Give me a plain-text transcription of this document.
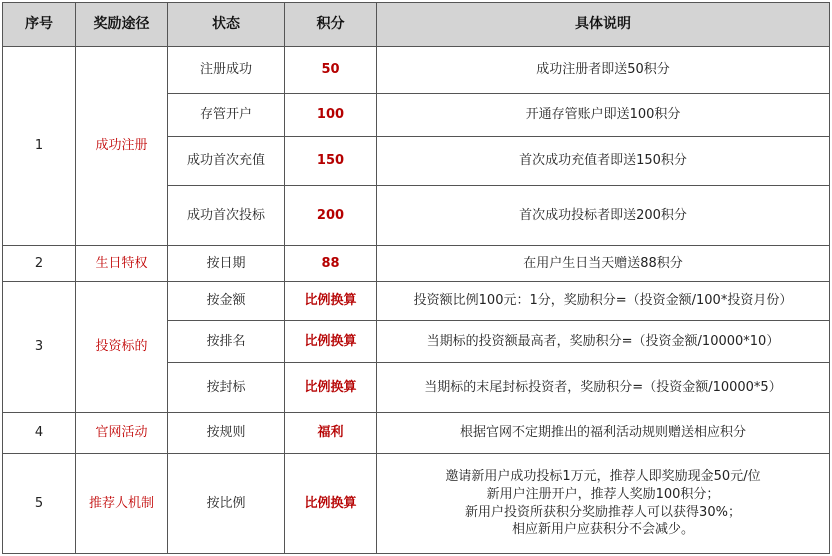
序号	奖励途径	状态	积分	具体说明
1	成功注册	注册成功	50	成功注册者即送50积分
		存管开户	100	开通存管账户即送100积分
		成功首次充值	150	首次成功充值者即送150积分
		成功首次投标	200	首次成功投标者即送200积分
2	生日特权	按日期	88	在用户生日当天赠送88积分
3	投资标的	按金额	比例换算	投资额比例100元：1分，奖励积分=（投资金额/100*投资月份）
		按排名	比例换算	当期标的投资额最高者，奖励积分=（投资金额/10000*10）
		按封标	比例换算	当期标的末尾封标投资者，奖励积分=（投资金额/10000*5）
4	官网活动	按规则	福利	根据官网不定期推出的福利活动规则赠送相应积分
5	推荐人机制	按比例	比例换算	邀请新用户成功投标1万元，推荐人即奖励现金50元/位
新用户注册开户，推荐人奖励100积分；
新用户投资所获积分奖励推荐人可以获得30%；
相应新用户应获积分不会减少。
